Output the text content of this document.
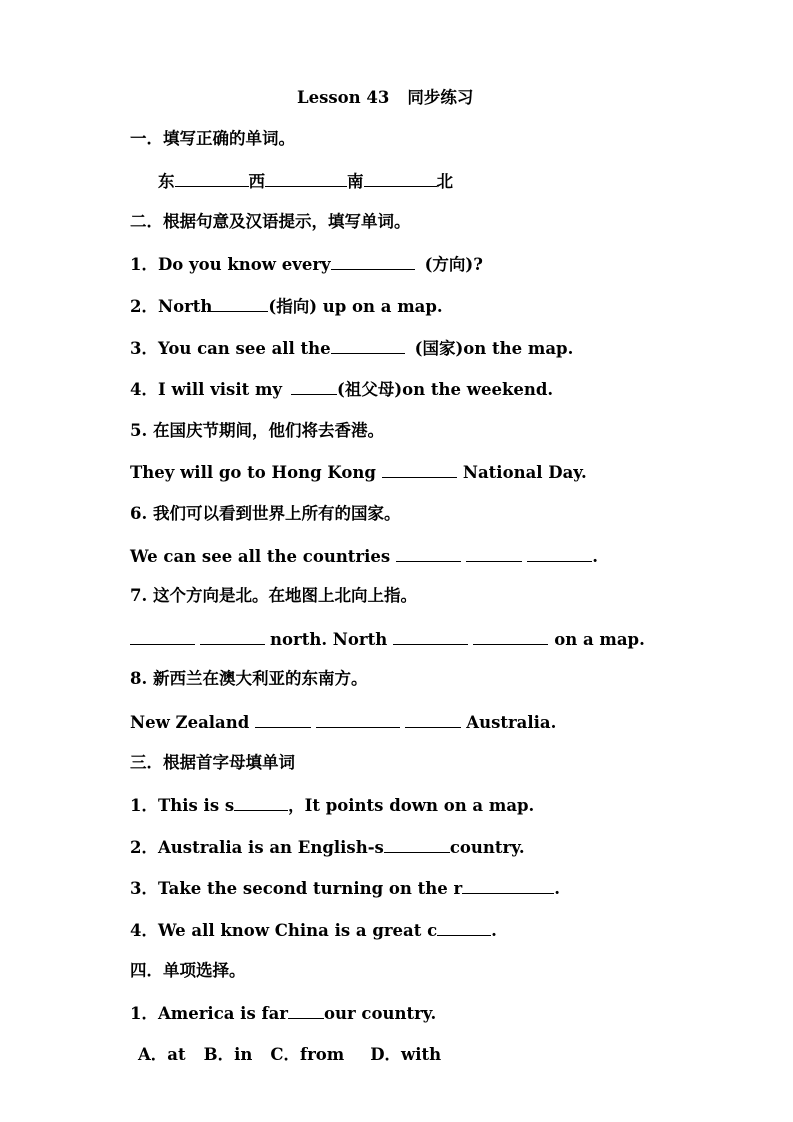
Lesson 43 同步练习
一．填写正确的单词。
东	西	南	北
二．根据句意及汉语提示，填写单词。
1．Do you know every	(方向)?
2．North	(指向) up on a map.
3．You can see all the	(国家)on the map.
4．I will visit my	(祖父母)on the weekend.
5. 在国庆节期间，他们将去香港。
They will go to Hong Kong	National Day.
6. 我们可以看到世界上所有的国家。
We can see all the countries	.
7. 这个方向是北。在地图上北向上指。
north. North	on a map.
8. 新西兰在澳大利亚的东南方。
New Zealand	Australia.
三．根据首字母填单词
1．This is s	，It points down on a map.
2．Australia is an English-s	country.
3．Take the second turning on the r	.
4．We all know China is a great c	.
四．单项选择。
1．America is far our country.
A．at B．in C．from D．with
